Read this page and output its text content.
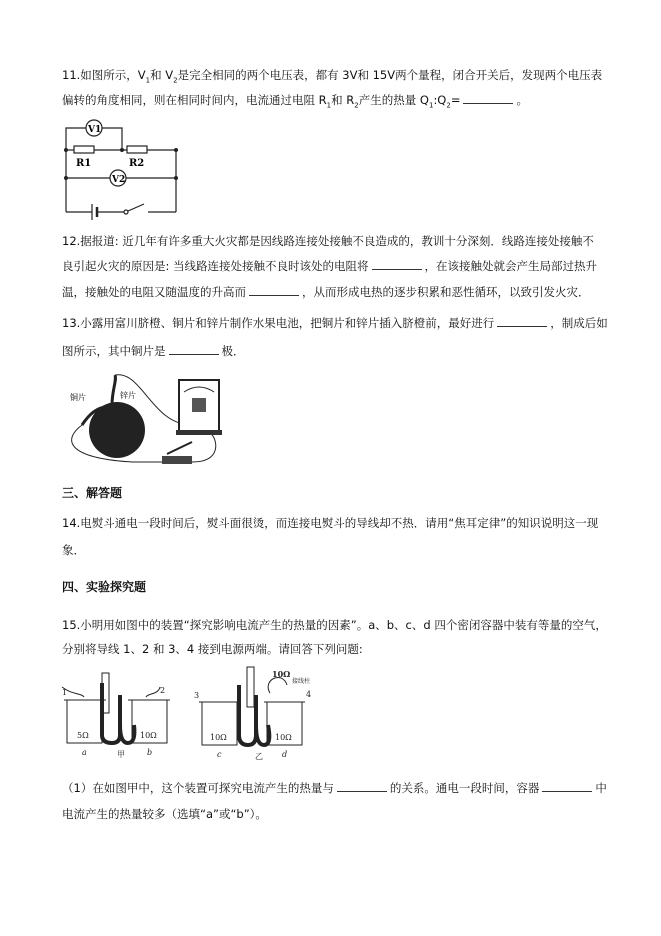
11.如图所示，$V_1$和 $V_2$是完全相同的两个电压表，都有 3V和 15V两个量程，闭合开关后，发现两个电压表
偏转的角度相同，则在相同时间内，电流通过电阻 $R_1$和 $R_2$产生的热量 $Q_1:Q_2=$	。
V1
V2
R1	R2
12.据报道: 近几年有许多重大火灾都是因线路连接处接触不良造成的，教训十分深刻．线路连接处接触不
良引起火灾的原因是: 当线路连接处接触不良时该处的电阻将	，在该接触处就会产生局部过热升
温，接触处的电阻又随温度的升高而	，从而形成电热的逐步积累和恶性循环，以致引发火灾．
13.小露用富川脐橙、铜片和锌片制作水果电池，把铜片和锌片插入脐橙前，最好进行	，制成后如
图所示，其中铜片是	极．
铜片	锌片
三、解答题
14.电熨斗通电一段时间后，熨斗面很烫，而连接电熨斗的导线却不热．请用“焦耳定律”的知识说明这一现
象．
四、实验探究题
15.小明用如图中的装置“探究影响电流产生的热量的因素”。a、b、c、d 四个密闭容器中装有等量的空气，
分别将导线 1、2 和 3、4 接到电源两端。请回答下列问题:
1	2
3	4
5Ω	10Ω	10Ω	10Ω
10Ω
a	甲	b	c	乙 d
接线柱
（1）在如图甲中，这个装置可探究电流产生的热量与	的关系。通电一段时间，容器	中
电流产生的热量较多（选填“a”或“b”）。
